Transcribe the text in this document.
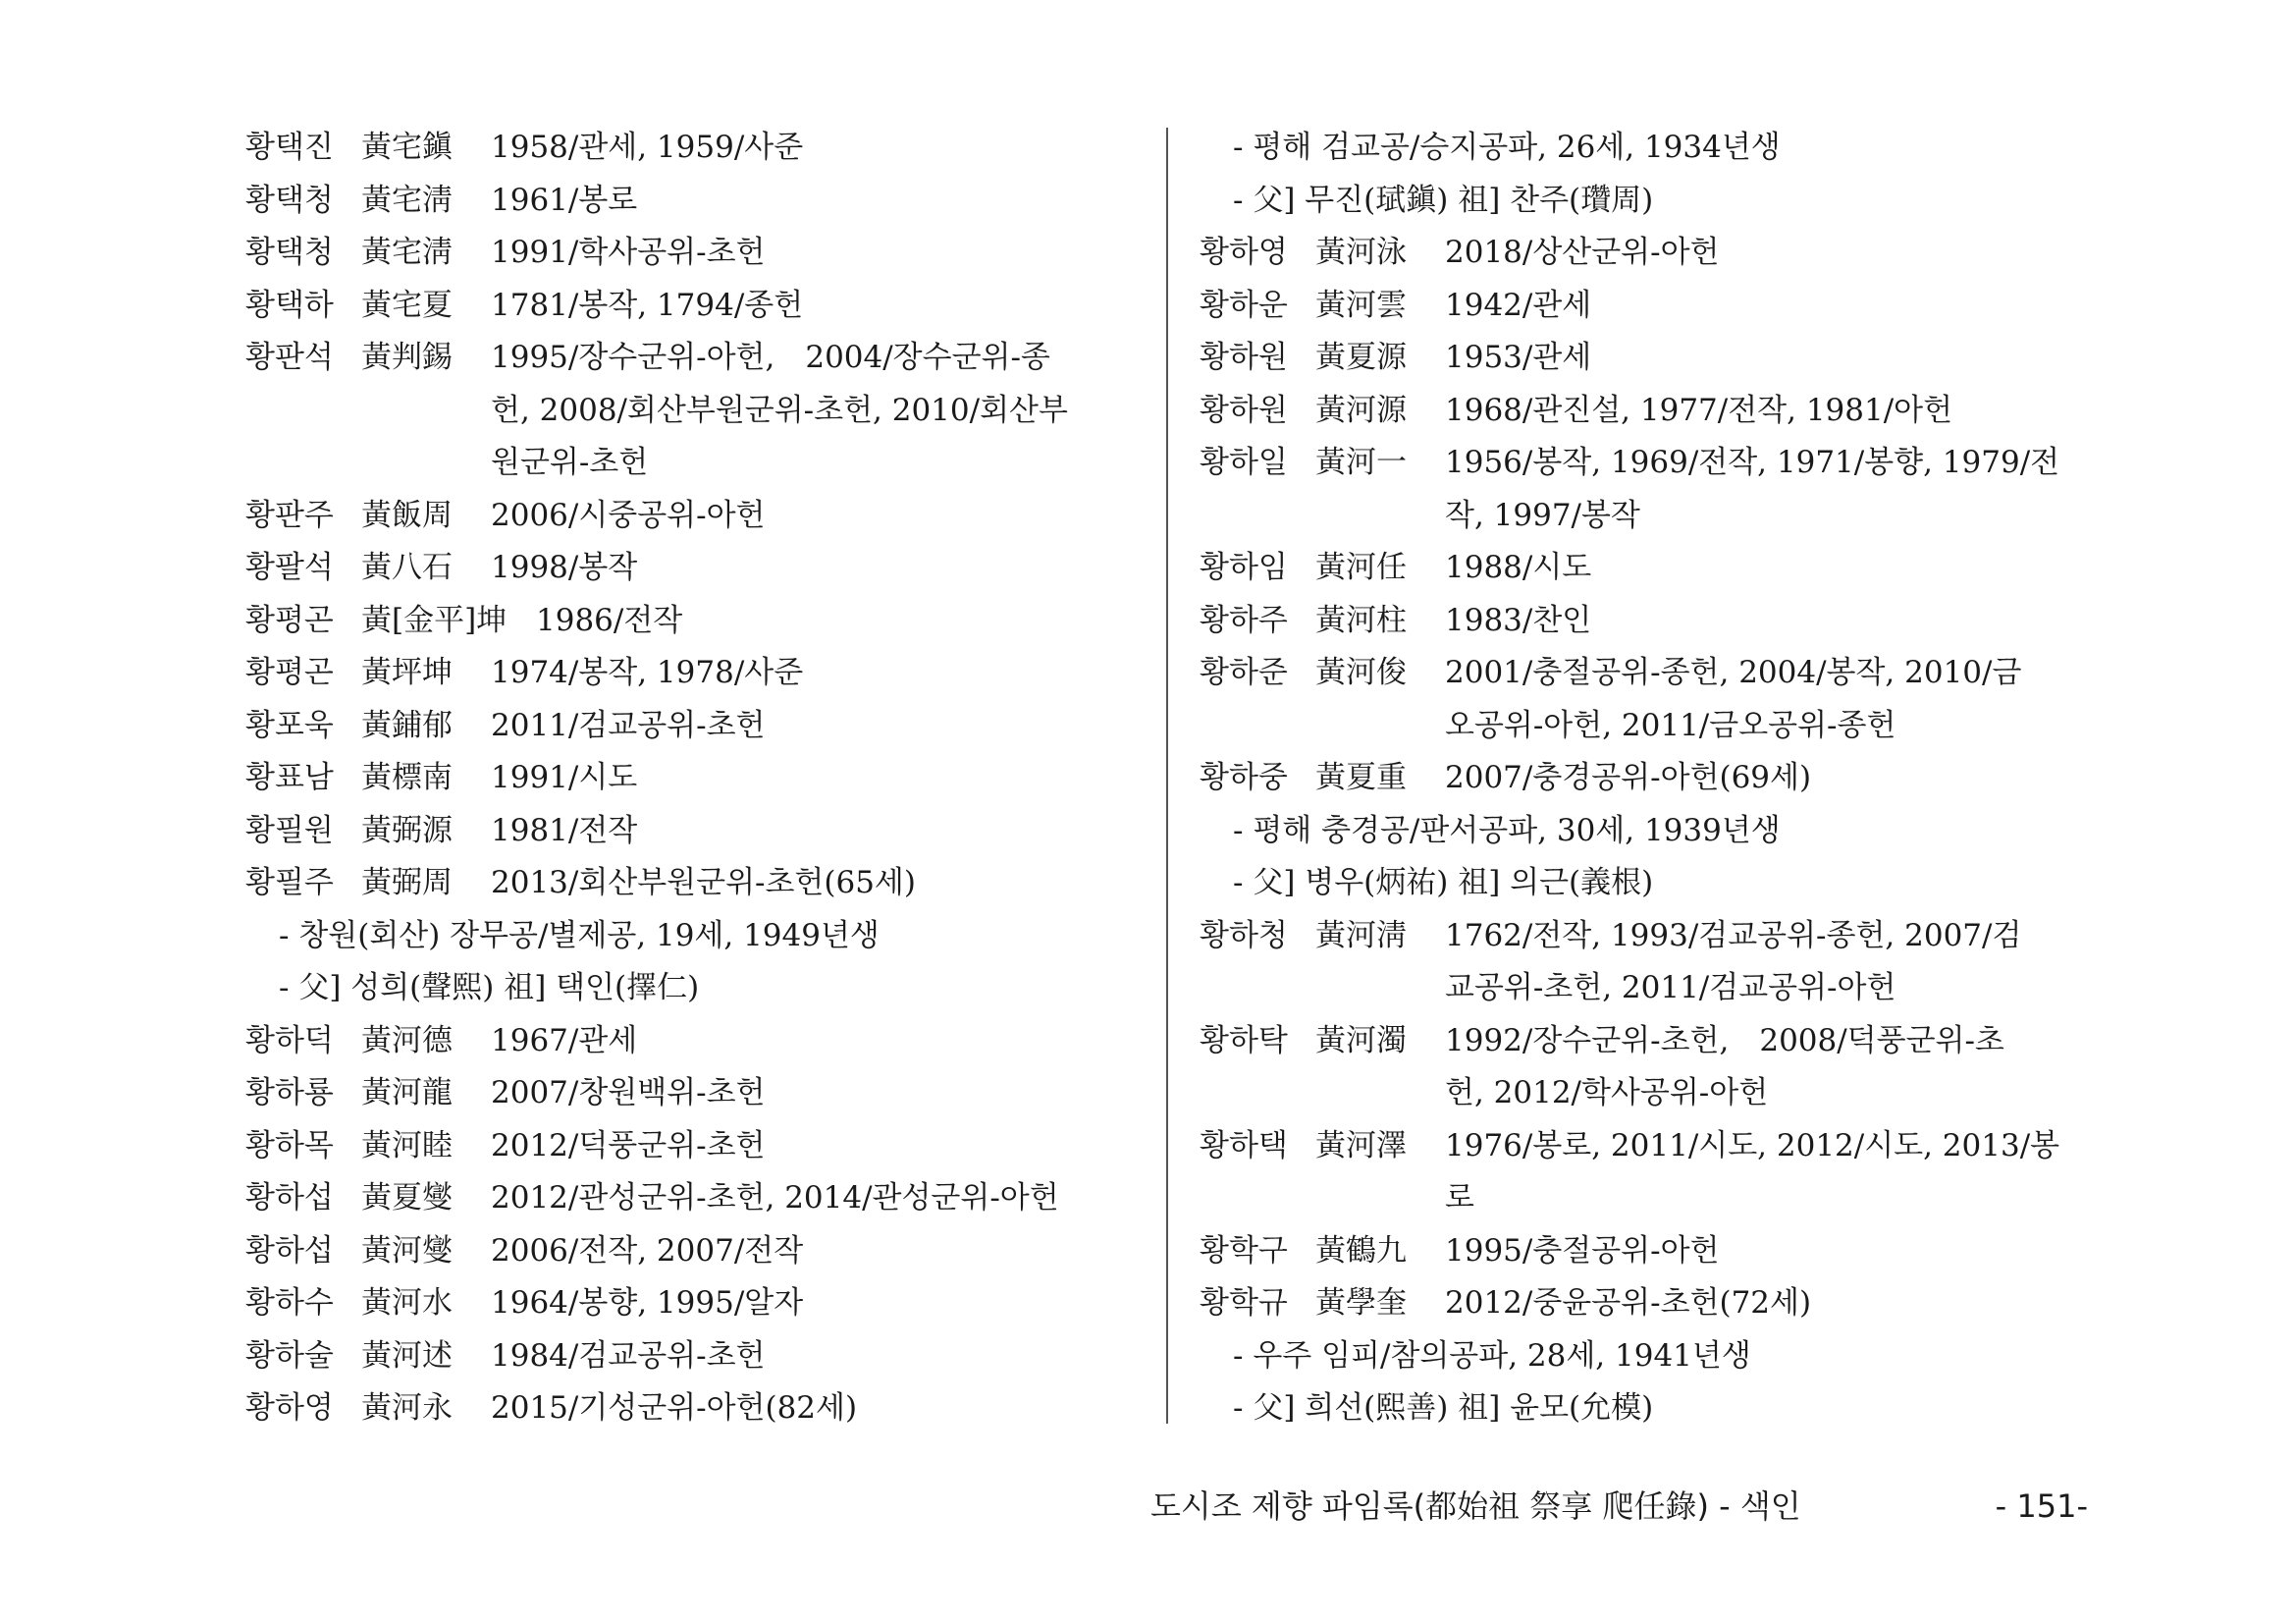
황택진 黃宅鎭	1958/관세, 1959/사준
황택청 黃宅淸	1961/봉로
황택청 黃宅淸	1991/학사공위-초헌
황택하 黃宅夏	1781/봉작, 1794/종헌
황판석 黃判錫	1995/장수군위-아헌,　2004/장수군위-종
헌, 2008/회산부원군위-초헌, 2010/회산부
원군위-초헌
황판주 黃飯周	2006/시중공위-아헌
황팔석 黃八石	1998/봉작
황평곤 黃[金平]坤 1986/전작
황평곤 黃坪坤	1974/봉작, 1978/사준
황포욱 黃鋪郁	2011/검교공위-초헌
황표남 黃標南	1991/시도
황필원 黃弼源	1981/전작
황필주 黃弼周	2013/회산부원군위-초헌(65세)
- 창원(회산) 장무공/별제공, 19세, 1949년생
- 父] 성희(聲熙) 祖] 택인(擇仁)
황하덕 黃河德	1967/관세
황하룡 黃河龍	2007/창원백위-초헌
황하목 黃河睦	2012/덕풍군위-초헌
황하섭 黃夏燮	2012/관성군위-초헌, 2014/관성군위-아헌
황하섭 黃河燮	2006/전작, 2007/전작
황하수 黃河水	1964/봉향, 1995/알자
황하술 黃河述	1984/검교공위-초헌
황하영 黃河永	2015/기성군위-아헌(82세)
- 평해 검교공/승지공파, 26세, 1934년생
- 父] 무진(珷鎭) 祖] 찬주(瓚周)
황하영 黃河泳	2018/상산군위-아헌
황하운 黃河雲	1942/관세
황하원 黃夏源	1953/관세
황하원 黃河源	1968/관진설, 1977/전작, 1981/아헌
황하일 黃河一	1956/봉작, 1969/전작, 1971/봉향, 1979/전
작, 1997/봉작
황하임 黃河任	1988/시도
황하주 黃河柱	1983/찬인
황하준 黃河俊	2001/충절공위-종헌, 2004/봉작, 2010/금
오공위-아헌, 2011/금오공위-종헌
황하중 黃夏重	2007/충경공위-아헌(69세)
- 평해 충경공/판서공파, 30세, 1939년생
- 父] 병우(炳祐) 祖] 의근(義根)
황하청 黃河淸	1762/전작, 1993/검교공위-종헌, 2007/검
교공위-초헌, 2011/검교공위-아헌
황하탁 黃河濁	1992/장수군위-초헌,　2008/덕풍군위-초
헌, 2012/학사공위-아헌
황하택 黃河澤	1976/봉로, 2011/시도, 2012/시도, 2013/봉
로
황학구 黃鶴九	1995/충절공위-아헌
황학규 黃學奎	2012/중윤공위-초헌(72세)
- 우주 임피/참의공파, 28세, 1941년생
- 父] 희선(熙善) 祖] 윤모(允模)
도시조 제향 파임록(都始祖 祭享 爬任錄) - 색인	- 151-
